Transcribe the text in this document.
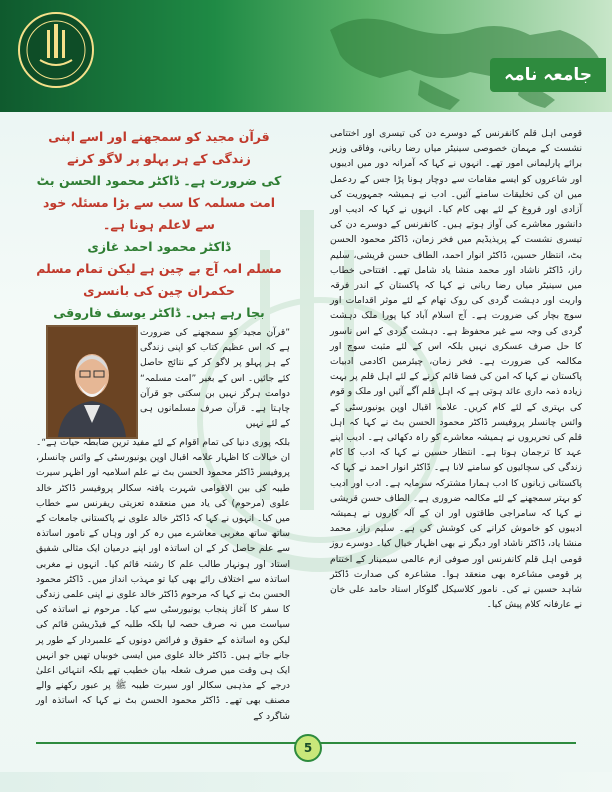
جامعہ نامہ

قرآن مجید کو سمجھنے اور اسے اپنی زندگی کے ہر پہلو پر لاگو کرنے

کی ضرورت ہے۔ ڈاکٹر محمود الحسن بٹ

امت مسلمہ کا سب سے بڑا مسئلہ خود سے لاعلم ہونا ہے۔

ڈاکٹر محمود احمد غازی

مسلم امہ آج بے چین ہے لیکن تمام مسلم حکمران چین کی بانسری

بجا رہے ہیں۔ ڈاکٹر یوسف فاروقی

”قرآن مجید کو سمجھنے کی ضرورت ہے کہ اس عظیم کتاب کو اپنی زندگی کے ہر پہلو پر لاگو کر کے نتائج حاصل کئے جائیں۔ اس کے بغیر ”امت مسلمہ“ دوامت ہرگز نہیں بن سکتی جو قرآن چاہتا ہے۔ قرآن صرف مسلمانوں ہی کے لئے نہیں
بلکہ پوری دنیا کی تمام اقوام کے لئے مفید ترین ضابطہ حیات ہے“۔ ان خیالات کا اظہار علامہ اقبال اوپن یونیورسٹی کے وائس چانسلر، پروفیسر ڈاکٹر محمود الحسن بٹ نے علم اسلامیہ اور اظہر سیرت طیبہ کی بین الاقوامی شہرت یافتہ سکالر پروفیسر ڈاکٹر خالد علوی (مرحوم) کی یاد میں منعقدہ تعزیتی ریفرنس سے خطاب میں کیا۔ انہوں نے کہا کہ ڈاکٹر خالد علوی نے پاکستانی جامعات کے ساتھ ساتھ مغربی معاشرے میں رہ کر اور وہاں کے نامور اساتذہ سے علم حاصل کر کے ان اساتذہ اور اپنے درمیان ایک مثالی شفیق استاد اور ہونہار طالب علم کا رشتہ قائم کیا۔ انہوں نے مغربی اساتذہ سے اختلاف رائے بھی کیا تو مہذب انداز میں۔ ڈاکٹر محمود الحسن بٹ نے کہا کہ مرحوم ڈاکٹر خالد علوی نے اپنی علمی زندگی کا سفر کا آغاز پنجاب یونیورسٹی سے کیا۔ مرحوم نے اساتذہ کی سیاست میں نہ صرف حصہ لیا بلکہ طلبہ کے فیڈریشن قائم کی لیکن وہ اساتذہ کے حقوق و فرائض دونوں کے علمبردار کے طور پر جانے جاتے ہیں۔ ڈاکٹر خالد علوی میں ایسی خوبیاں تھیں جو انہیں ایک ہی وقت میں صرف شعلہ بیان خطیب تھے بلکہ انتہائی اعلیٰ درجے کے مذہبی سکالر اور سیرت طیبہ ﷺ پر عبور رکھنے والے مصنف بھی تھے۔ ڈاکٹر محمود الحسن بٹ نے کہا کہ اساتذہ اور شاگرد کے
قومی اہل قلم کانفرنس کے دوسرے دن کی تیسری اور اختتامی نشست کے مہمان خصوصی سینیٹر میاں رضا ربانی، وفاقی وزیر برائے پارلیمانی امور تھے۔ انہوں نے کہا کہ آمرانہ دور میں ادیبوں اور شاعروں کو ایسے مقامات سے دوچار ہونا پڑا جس کے ردعمل میں ان کی تخلیقات سامنے آئیں۔ ادب نے ہمیشہ جمہوریت کی آزادی اور فروغ کے لئے بھی کام کیا۔ انہوں نے کہا کہ ادیب اور دانشور معاشرے کی آواز ہوتے ہیں۔ کانفرنس کے دوسرے دن کی تیسری نشست کے پریذیڈیم میں فخر زمان، ڈاکٹر محمود الحسن بٹ، انتظار حسین، ڈاکٹر انوار احمد، الطاف حسن قریشی، سلیم راز، ڈاکٹر ناشاد اور محمد منشا یاد شامل تھے۔ افتتاحی خطاب میں سینیٹر میاں رضا ربانی نے کہا کہ پاکستان کے اندر فرقہ واریت اور دہشت گردی کی روک تھام کے لئے موثر اقدامات اور سوچ بچار کی ضرورت ہے۔ آج اسلام آباد کیا پورا ملک دہشت گردی کی وجہ سے غیر محفوظ ہے۔ دہشت گردی کے اس ناسور کا حل صرف عسکری نہیں بلکہ اس کے لئے مثبت سوچ اور مکالمہ کی ضرورت ہے۔ فخر زمان، چیئرمین اکادمی ادبیات پاکستان نے کہا کہ امن کی فضا قائم کرنے کے لئے اہل قلم پر بہت زیادہ ذمہ داری عائد ہوتی ہے کہ اہل قلم آگے آئیں اور ملک و قوم کی بہتری کے لئے کام کریں۔ علامہ اقبال اوپن یونیورسٹی کے وائس چانسلر پروفیسر ڈاکٹر محمود الحسن بٹ نے کہا کہ اہل قلم کی تحریروں نے ہمیشہ معاشرے کو راہ دکھائی ہے۔ ادیب اپنے عہد کا ترجمان ہوتا ہے۔ انتظار حسین نے کہا کہ ادب کا کام زندگی کی سچائیوں کو سامنے لانا ہے۔ ڈاکٹر انوار احمد نے کہا کہ پاکستانی زبانوں کا ادب ہمارا مشترکہ سرمایہ ہے۔ ادب اور ادیب کو بہتر سمجھنے کے لئے مکالمہ ضروری ہے۔ الطاف حسن قریشی نے کہا کہ سامراجی طاقتوں اور ان کے آلہ کاروں نے ہمیشہ ادیبوں کو خاموش کرانے کی کوشش کی ہے۔ سلیم راز، محمد منشا یاد، ڈاکٹر ناشاد اور دیگر نے بھی اظہار خیال کیا۔ دوسرے روز قومی اہل قلم کانفرنس اور صوفی ازم عالمی سیمینار کے اختتام پر قومی مشاعرہ بھی منعقد ہوا۔ مشاعرہ کی صدارت ڈاکٹر شاہد حسین نے کی۔ نامور کلاسیکل گلوکار استاد حامد علی خان نے عارفانہ کلام پیش کیا۔
5
